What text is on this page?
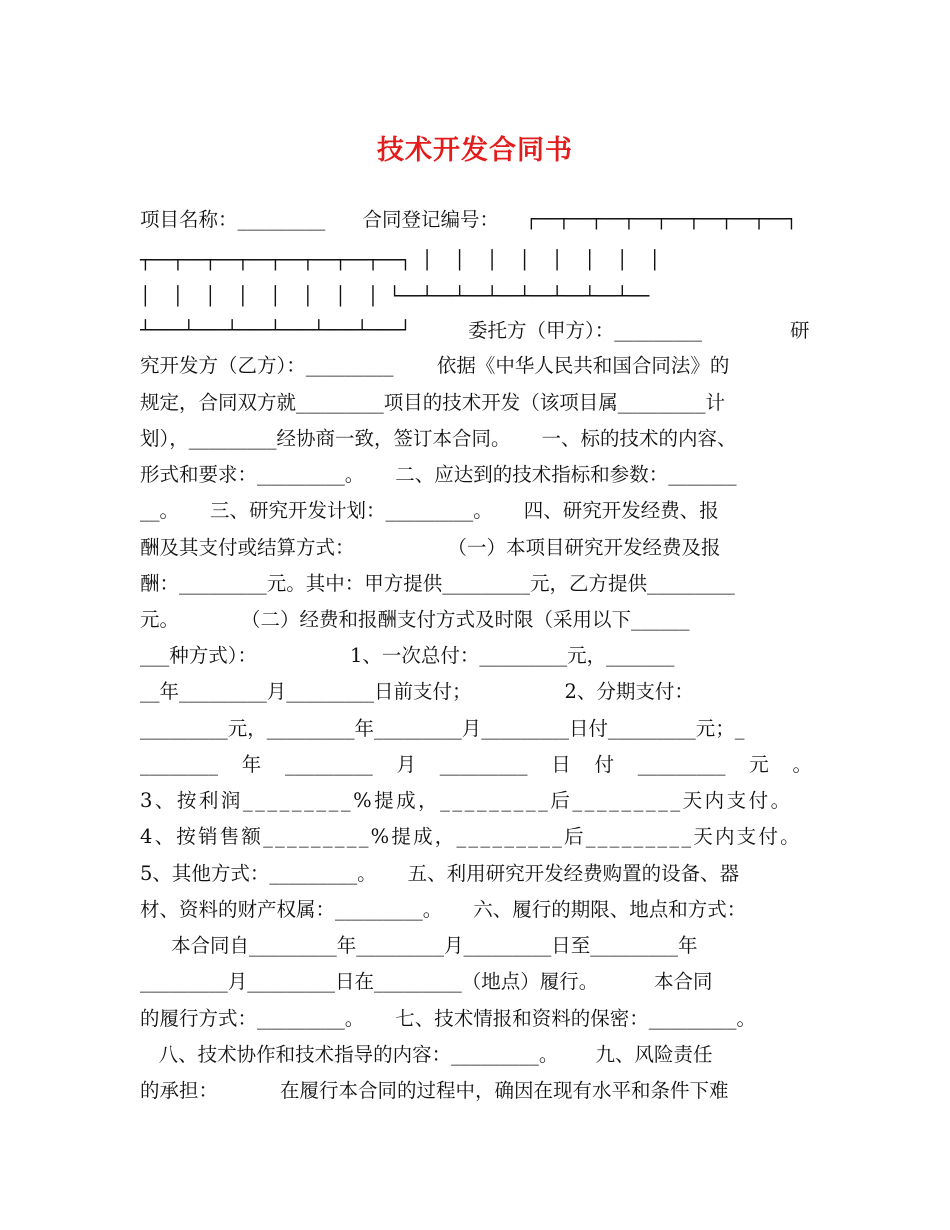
技术开发合同书
项目名称：_________      合同登记编号：	┌──┬──┬──┬──┬──┬──┬──┬──┐
┬──┬──┬──┬──┬──┬──┬──┬──┐ │  │  │  │  │  │  │  │
│  │  │  │  │  │  │  │ └──┴──┴──┴──┴──┴──┴──┴──
┴───┴───┴───┴───┴───┴───┘	委托方（甲方）：_________	研
究开发方（乙方）：_________       依据《中华人民共和国合同法》的
规定，合同双方就_________项目的技术开发（该项目属_________计
划），_________经协商一致，签订本合同。     一、标的技术的内容、
形式和要求：_________。     二、应达到的技术指标和参数：_______
__。     三、研究开发计划：_________。     四、研究开发经费、报
酬及其支付或结算方式：               （一）本项目研究开发经费及报
酬：_________元。其中：甲方提供_________元，乙方提供_________
元。          （二）经费和报酬支付方式及时限（采用以下______
___种方式）：               1、一次总付：_________元，_______
__年_________月_________日前支付；               2、分期支付：
_________元，_________年_________月_________日付_________元；_
________ 年 _________ 月 _________ 日 付 _________ 元 。
3、按利润_________%提成，_________后_________天内支付。
4、按销售额_________%提成，_________后_________天内支付。
5、其他方式：_________。     五、利用研究开发经费购置的设备、器
材、资料的财产权属：_________。     六、履行的期限、地点和方式：
本合同自_________年_________月_________日至_________年
_________月_________日在_________（地点）履行。         本合同
的履行方式：_________。     七、技术情报和资料的保密：_________。
八、技术协作和技术指导的内容：_________。      九、风险责任
的承担：          在履行本合同的过程中，确因在现有水平和条件下难
